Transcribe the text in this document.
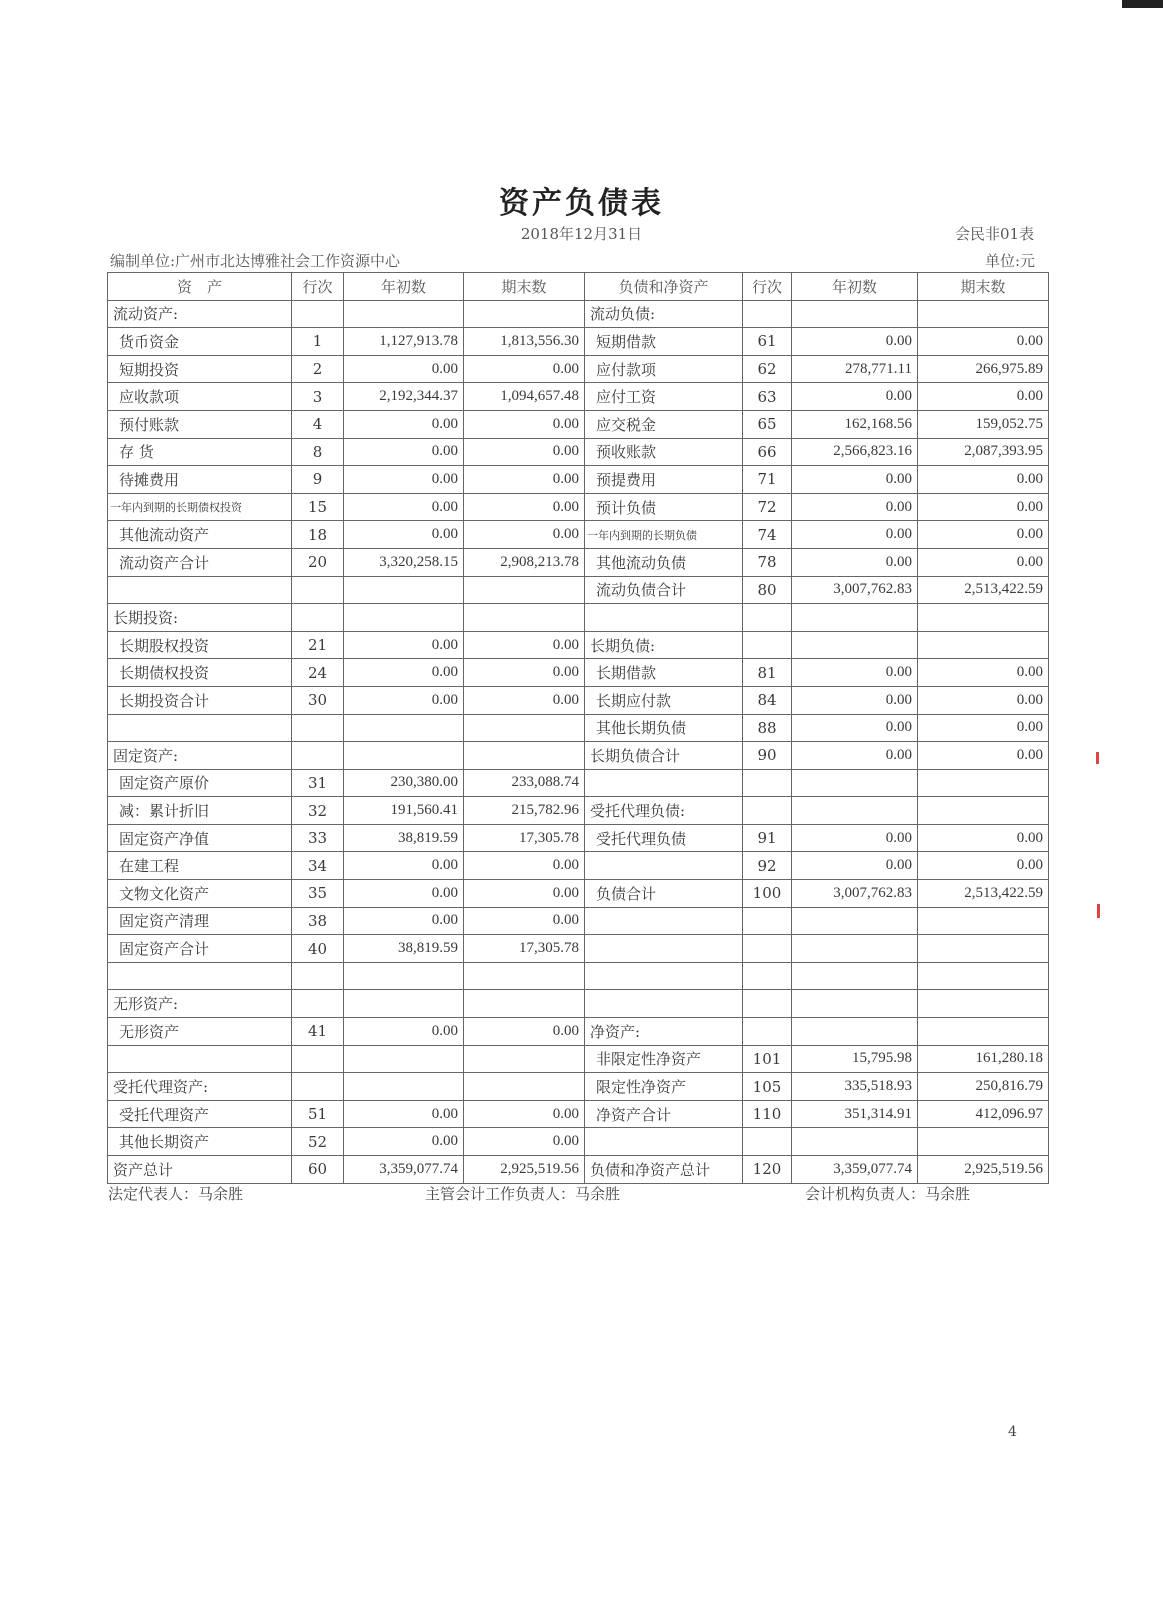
资产负债表
2018年12月31日	会民非01表
编制单位:广州市北达博雅社会工作资源中心	单位:元
资　产	行次	年初数	期末数	负债和净资产	行次	年初数	期末数
流动资产:				流动负债:			
货币资金	1	1,127,913.78	1,813,556.30	短期借款	61	0.00	0.00
短期投资	2	0.00	0.00	应付款项	62	278,771.11	266,975.89
应收款项	3	2,192,344.37	1,094,657.48	应付工资	63	0.00	0.00
预付账款	4	0.00	0.00	应交税金	65	162,168.56	159,052.75
存 货	8	0.00	0.00	预收账款	66	2,566,823.16	2,087,393.95
待摊费用	9	0.00	0.00	预提费用	71	0.00	0.00
一年内到期的长期债权投资	15	0.00	0.00	预计负债	72	0.00	0.00
其他流动资产	18	0.00	0.00	一年内到期的长期负债	74	0.00	0.00
流动资产合计	20	3,320,258.15	2,908,213.78	其他流动负债	78	0.00	0.00
				流动负债合计	80	3,007,762.83	2,513,422.59
长期投资:							
长期股权投资	21	0.00	0.00	长期负债:			
长期债权投资	24	0.00	0.00	长期借款	81	0.00	0.00
长期投资合计	30	0.00	0.00	长期应付款	84	0.00	0.00
				其他长期负债	88	0.00	0.00
固定资产:				长期负债合计	90	0.00	0.00
固定资产原价	31	230,380.00	233,088.74				
减：累计折旧	32	191,560.41	215,782.96	受托代理负债:			
固定资产净值	33	38,819.59	17,305.78	受托代理负债	91	0.00	0.00
在建工程	34	0.00	0.00		92	0.00	0.00
文物文化资产	35	0.00	0.00	负债合计	100	3,007,762.83	2,513,422.59
固定资产清理	38	0.00	0.00				
固定资产合计	40	38,819.59	17,305.78				

无形资产:							
无形资产	41	0.00	0.00	净资产:			
				非限定性净资产	101	15,795.98	161,280.18
受托代理资产:				限定性净资产	105	335,518.93	250,816.79
受托代理资产	51	0.00	0.00	净资产合计	110	351,314.91	412,096.97
其他长期资产	52	0.00	0.00				
资产总计	60	3,359,077.74	2,925,519.56	负债和净资产总计	120	3,359,077.74	2,925,519.56
法定代表人：马余胜	主管会计工作负责人：马余胜	会计机构负责人：马余胜
4
